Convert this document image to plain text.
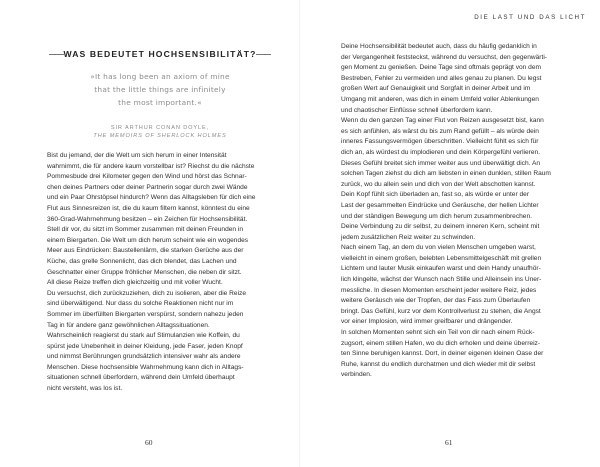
WAS BEDEUTET HOCHSENSIBILITÄT?
»It has long been an axiom of mine
that the little things are infinitely
the most important.«
SIR ARTHUR CONAN DOYLE,
THE MEMOIRS OF SHERLOCK HOLMES
Bist du jemand, der die Welt um sich herum in einer Intensität
wahrnimmt, die für andere kaum vorstellbar ist? Riechst du die nächste
Pommesbude drei Kilometer gegen den Wind und hörst das Schnar-
chen deines Partners oder deiner Partnerin sogar durch zwei Wände
und ein Paar Ohrstöpsel hindurch? Wenn das Alltagsleben für dich eine
Flut aus Sinnesreizen ist, die du kaum filtern kannst, könntest du eine
360-Grad-Wahrnehmung besitzen – ein Zeichen für Hochsensibilität.
Stell dir vor, du sitzt im Sommer zusammen mit deinen Freunden in
einem Biergarten. Die Welt um dich herum scheint wie ein wogendes
Meer aus Eindrücken: Baustellenlärm, die starken Gerüche aus der
Küche, das grelle Sonnenlicht, das dich blendet, das Lachen und
Geschnatter einer Gruppe fröhlicher Menschen, die neben dir sitzt.
All diese Reize treffen dich gleichzeitig und mit voller Wucht.
Du versuchst, dich zurückzuziehen, dich zu isolieren, aber die Reize
sind überwältigend. Nur dass du solche Reaktionen nicht nur im
Sommer im überfüllten Biergarten verspürst, sondern nahezu jeden
Tag in für andere ganz gewöhnlichen Alltagssituationen.
Wahrscheinlich reagierst du stark auf Stimulanzien wie Koffein, du
spürst jede Unebenheit in deiner Kleidung, jede Faser, jeden Knopf
und nimmst Berührungen grundsätzlich intensiver wahr als andere
Menschen. Diese hochsensible Wahrnehmung kann dich in Alltags-
situationen schnell überfordern, während dein Umfeld überhaupt
nicht versteht, was los ist.
60
DIE LAST UND DAS LICHT
Deine Hochsensibilität bedeutet auch, dass du häufig gedanklich in
der Vergangenheit feststeckst, während du versuchst, den gegenwärti-
gen Moment zu genießen. Deine Tage sind oftmals geprägt von dem
Bestreben, Fehler zu vermeiden und alles genau zu planen. Du legst
großen Wert auf Genauigkeit und Sorgfalt in deiner Arbeit und im
Umgang mit anderen, was dich in einem Umfeld voller Ablenkungen
und chaotischer Einflüsse schnell überfordern kann.
Wenn du den ganzen Tag einer Flut von Reizen ausgesetzt bist, kann
es sich anfühlen, als wärst du bis zum Rand gefüllt – als würde dein
inneres Fassungsvermögen überschritten. Vielleicht fühlt es sich für
dich an, als würdest du implodieren und dein Körpergefühl verlieren.
Dieses Gefühl breitet sich immer weiter aus und überwältigt dich. An
solchen Tagen ziehst du dich am liebsten in einen dunklen, stillen Raum
zurück, wo du allein sein und dich von der Welt abschotten kannst.
Dein Kopf fühlt sich überladen an, fast so, als würde er unter der
Last der gesammelten Eindrücke und Geräusche, der hellen Lichter
und der ständigen Bewegung um dich herum zusammenbrechen.
Deine Verbindung zu dir selbst, zu deinem inneren Kern, scheint mit
jedem zusätzlichen Reiz weiter zu schwinden.
Nach einem Tag, an dem du von vielen Menschen umgeben warst,
vielleicht in einem großen, belebten Lebensmittelgeschäft mit grellen
Lichtern und lauter Musik einkaufen warst und dein Handy unaufhör-
lich klingelte, wächst der Wunsch nach Stille und Alleinsein ins Uner-
messliche. In diesen Momenten erscheint jeder weitere Reiz, jedes
weitere Geräusch wie der Tropfen, der das Fass zum Überlaufen
bringt. Das Gefühl, kurz vor dem Kontrollverlust zu stehen, die Angst
vor einer Implosion, wird immer greifbarer und drängender.
In solchen Momenten sehnt sich ein Teil von dir nach einem Rück-
zugsort, einem stillen Hafen, wo du dich erholen und deine überreiz-
ten Sinne beruhigen kannst. Dort, in deiner eigenen kleinen Oase der
Ruhe, kannst du endlich durchatmen und dich wieder mit dir selbst
verbinden.
61
